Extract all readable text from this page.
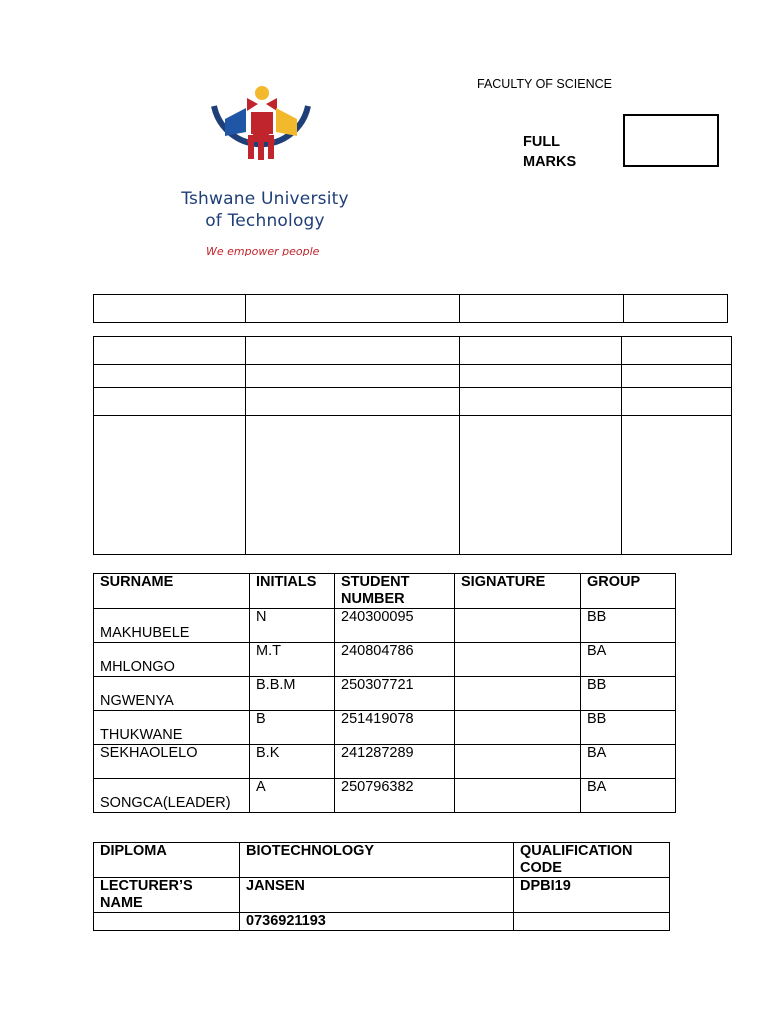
Tshwane University
of Technology
We empower people
FACULTY OF SCIENCE
FULL
MARKS

SURNAME	INITIALS	STUDENT NUMBER	SIGNATURE	GROUP
MAKHUBELE	N	240300095		BB
MHLONGO	M.T	240804786		BA
NGWENYA	B.B.M	250307721		BB
THUKWANE	B	251419078		BB
SEKHAOLELO	B.K	241287289		BA
SONGCA(LEADER)	A	250796382		BA
DIPLOMA	BIOTECHNOLOGY	QUALIFICATION CODE
LECTURER’S NAME	JANSEN	DPBI19
	0736921193	
